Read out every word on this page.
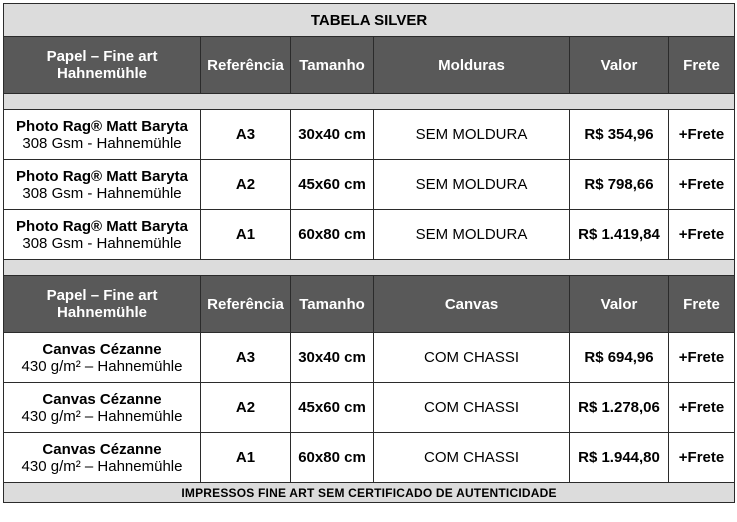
TABELA SILVER					
Papel – Fine art Hahnemühle	Referência	Tamanho	Molduras	Valor	Frete

Photo Rag® Matt Baryta
308 Gsm - Hahnemühle	A3	30x40 cm	SEM MOLDURA	R$ 354,96	+Frete

Photo Rag® Matt Baryta
308 Gsm - Hahnemühle	A2	45x60 cm	SEM MOLDURA	R$ 798,66	+Frete

Photo Rag® Matt Baryta
308 Gsm - Hahnemühle	A1	60x80 cm	SEM MOLDURA	R$ 1.419,84	+Frete

Papel – Fine art Hahnemühle	Referência	Tamanho	Canvas	Valor	Frete

Canvas Cézanne
430 g/m² – Hahnemühle	A3	30x40 cm	COM CHASSI	R$ 694,96	+Frete

Canvas Cézanne
430 g/m² – Hahnemühle	A2	45x60 cm	COM CHASSI	R$ 1.278,06	+Frete

Canvas Cézanne
430 g/m² – Hahnemühle	A1	60x80 cm	COM CHASSI	R$ 1.944,80	+Frete
IMPRESSOS FINE ART SEM CERTIFICADO DE AUTENTICIDADE					
